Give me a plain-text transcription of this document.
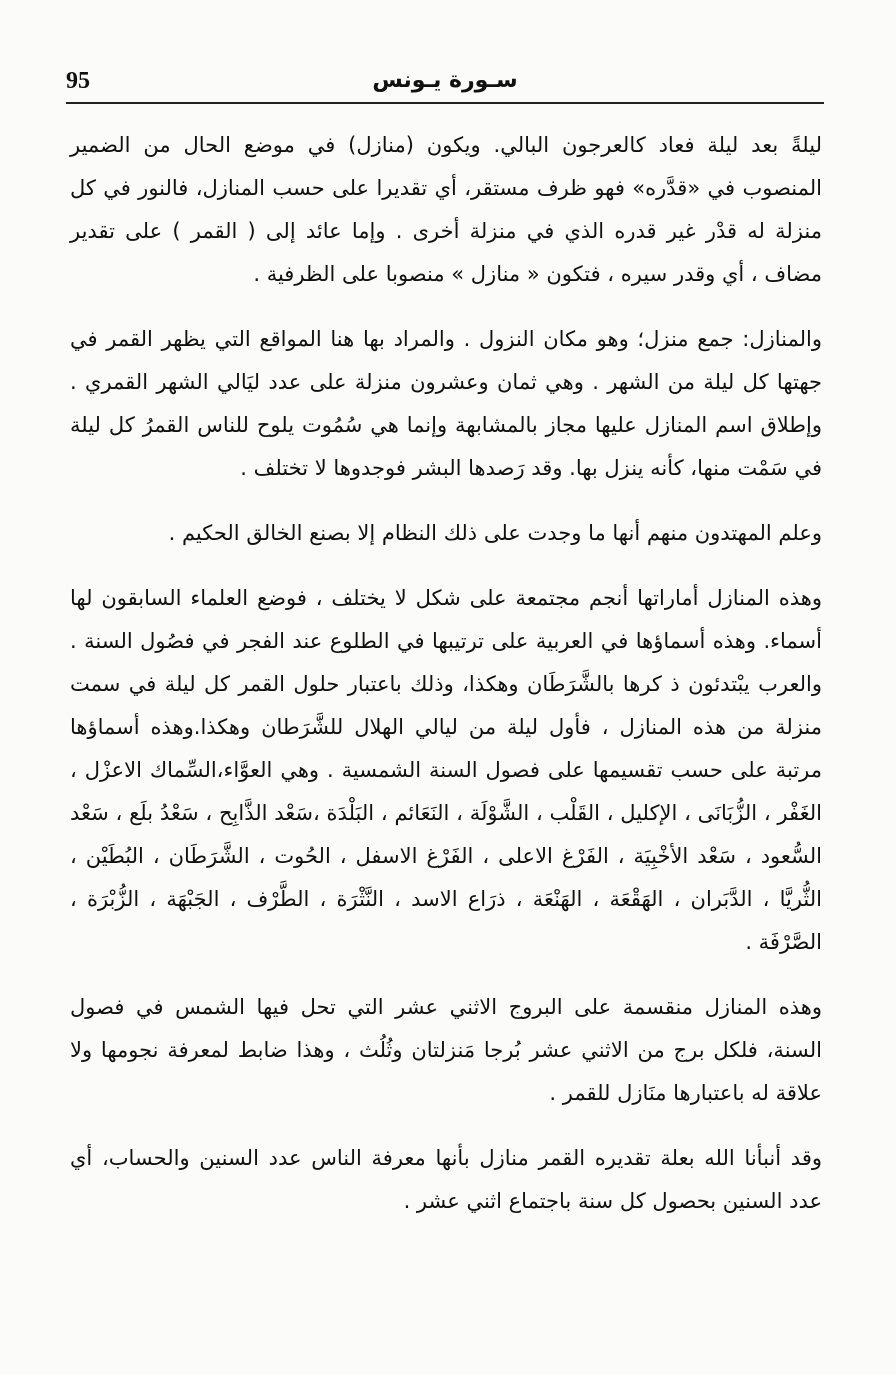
95	سـورة يـونس

ليلةً بعد ليلة فعاد كالعرجون البالي. ويكون (منازل) في موضع الحال من الضمير المنصوب في «قدَّره» فهو ظرف مستقر، أي تقديرا على حسب المنازل، فالنور في كل منزلة له قدْر غير قدره الذي في منزلة أخرى . وإما عائد إلى ( القمر ) على تقدير مضاف ، أي وقدر سيره ، فتكون « منازل » منصوبا على الظرفية .

والمنازل: جمع منزل؛ وهو مكان النزول . والمراد بها هنا المواقع التي يظهر القمر في جهتها كل ليلة من الشهر . وهي ثمان وعشرون منزلة على عدد ليَالي الشهر القمري . وإطلاق اسم المنازل عليها مجاز بالمشابهة وإنما هي سُمُوت يلوح للناس القمرُ كل ليلة في سَمْت منها، كأنه ينزل بها. وقد رَصدها البشر فوجدوها لا تختلف .

وعلم المهتدون منهم أنها ما وجدت على ذلك النظام إلا بصنع الخالق الحكيم .

وهذه المنازل أماراتها أنجم مجتمعة على شكل لا يختلف ، فوضع العلماء السابقون لها أسماء. وهذه أسماؤها في العربية على ترتيبها في الطلوع عند الفجر في فصُول السنة . والعرب يبْتدئون ذ كرها بالشَّرَطَان وهكذا، وذلك باعتبار حلول القمر كل ليلة في سمت منزلة من هذه المنازل ، فأول ليلة من ليالي الهلال للشَّرَطان وهكذا.وهذه أسماؤها مرتبة على حسب تقسيمها على فصول السنة الشمسية . وهي العوَّاء،السِّماك الاعزْل ، الغَفْر ، الزُّبَانَى ، الإكليل ، القَلْب ، الشَّوْلَة ، النَعَائم ، البَلْدَة ،سَعْد الذَّابِح ، سَعْدُ بلَع ، سَعْد السُّعود ، سَعْد الأخْبِيَة ، الفَرْغ الاعلى ، الفَرْغ الاسفل ، الحُوت ، الشَّرَطَان ، البُطَيْن ، الثُّريَّا ، الدَّبَران ، الهَقْعَة ، الهَنْعَة ، ذرَاع الاسد ، النَّثْرَة ، الطَّرْف ، الجَبْهَة ، الزُّبْرَة ، الصَّرْفَة .

وهذه المنازل منقسمة على البروج الاثني عشر التي تحل فيها الشمس في فصول السنة، فلكل برج من الاثني عشر بُرجا مَنزلتان وثُلُث ، وهذا ضابط لمعرفة نجومها ولا علاقة له باعتبارها منَازل للقمر .

وقد أنبأنا الله بعلة تقديره القمر منازل بأنها معرفة الناس عدد السنين والحساب، أي عدد السنين بحصول كل سنة باجتماع اثني عشر .
